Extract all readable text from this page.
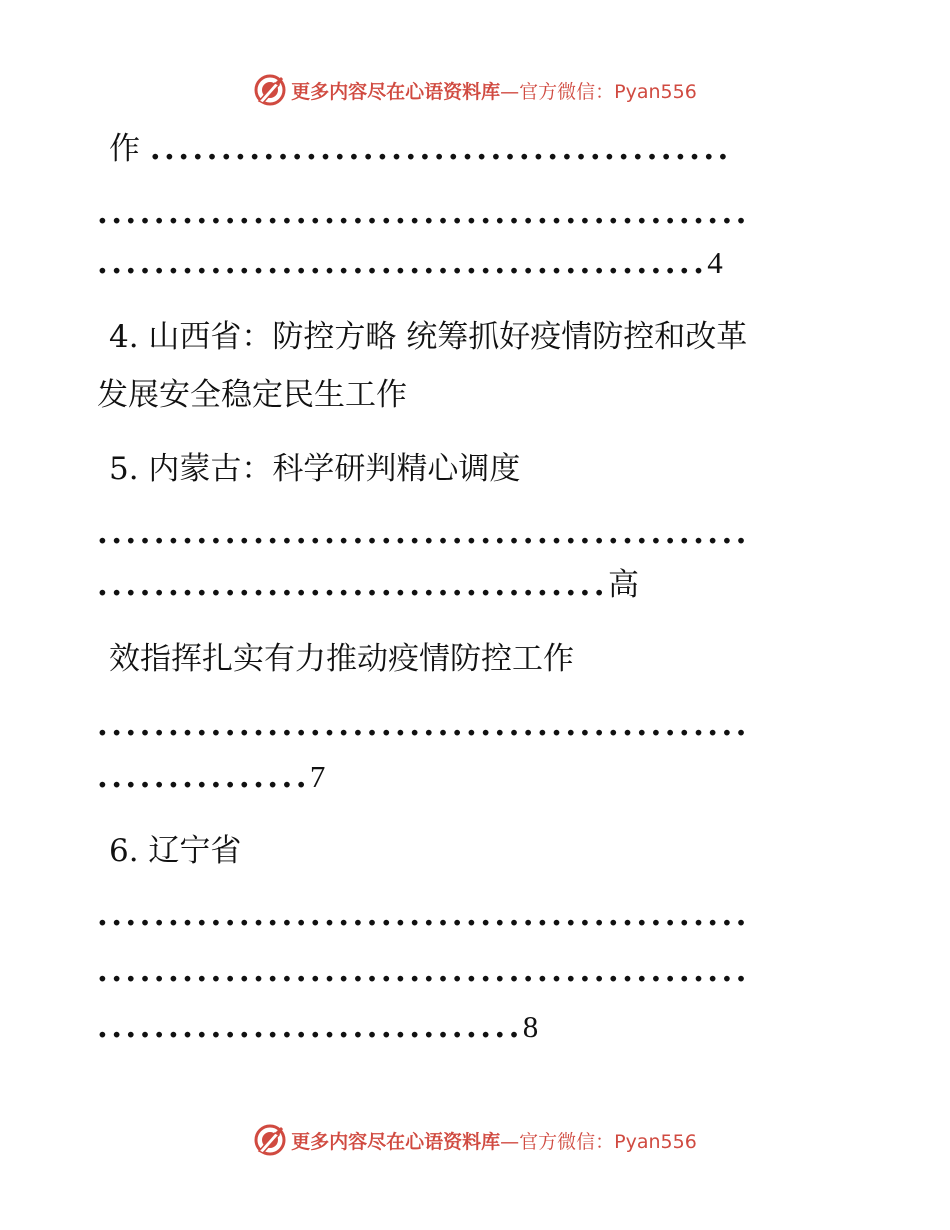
更多内容尽在心语资料库 —官方微信：Pyan556
作 .........................................
..............................................
...........................................4
4. 山西省：防控方略 统筹抓好疫情防控和改革
发展安全稳定民生工作
5. 内蒙古：科学研判精心调度
..............................................
....................................高
效指挥扎实有力推动疫情防控工作
..............................................
...............7
6. 辽宁省
..............................................
..............................................
..............................8
更多内容尽在心语资料库 —官方微信：Pyan556
